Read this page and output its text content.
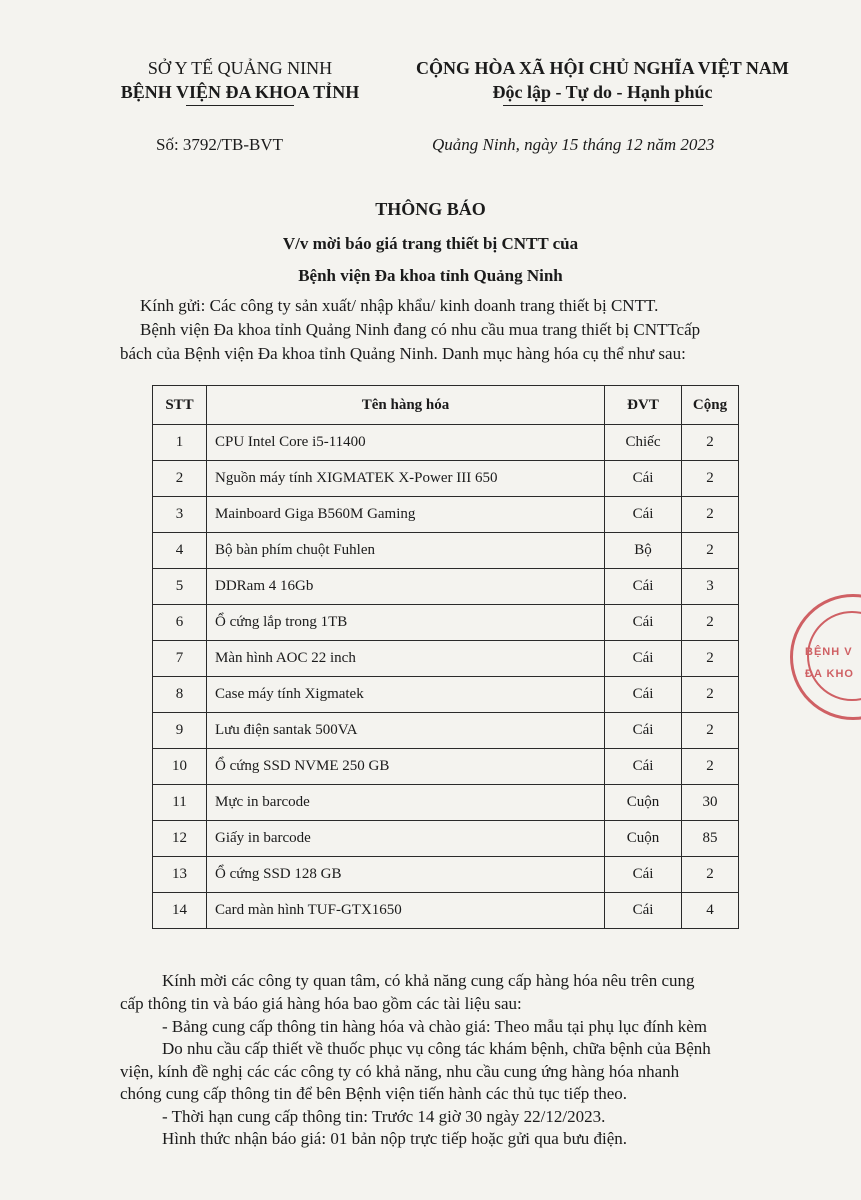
SỞ Y TẾ QUẢNG NINH
BỆNH VIỆN ĐA KHOA TỈNH
CỘNG HÒA XÃ HỘI CHỦ NGHĨA VIỆT NAM
Độc lập - Tự do - Hạnh phúc
Số: 3792/TB-BVT	Quảng Ninh, ngày 15 tháng 12 năm 2023
THÔNG BÁO
V/v mời báo giá trang thiết bị CNTT của
Bệnh viện Đa khoa tỉnh Quảng Ninh
Kính gửi: Các công ty sản xuất/ nhập khẩu/ kinh doanh trang thiết bị CNTT.
Bệnh viện Đa khoa tỉnh Quảng Ninh đang có nhu cầu mua trang thiết bị CNTTcấp
bách của Bệnh viện Đa khoa tỉnh Quảng Ninh. Danh mục hàng hóa cụ thể như sau:
STT	Tên hàng hóa	ĐVT	Cộng
1	CPU Intel Core i5-11400	Chiếc	2
2	Nguồn máy tính XIGMATEK X-Power III 650	Cái	2
3	Mainboard Giga B560M Gaming	Cái	2
4	Bộ bàn phím chuột Fuhlen	Bộ	2
5	DDRam 4 16Gb	Cái	3
6	Ổ cứng lắp trong 1TB	Cái	2
7	Màn hình AOC 22 inch	Cái	2
8	Case máy tính Xigmatek	Cái	2
9	Lưu điện santak 500VA	Cái	2
10	Ổ cứng SSD NVME 250 GB	Cái	2
11	Mực in barcode	Cuộn	30
12	Giấy in barcode	Cuộn	85
13	Ổ cứng SSD 128 GB	Cái	2
14	Card màn hình TUF-GTX1650	Cái	4
Kính mời các công ty quan tâm, có khả năng cung cấp hàng hóa nêu trên cung
cấp thông tin và báo giá hàng hóa bao gồm các tài liệu sau:
- Bảng cung cấp thông tin hàng hóa và chào giá: Theo mẫu tại phụ lục đính kèm
Do nhu cầu cấp thiết về thuốc phục vụ công tác khám bệnh, chữa bệnh của Bệnh
viện, kính đề nghị các các công ty có khả năng, nhu cầu cung ứng hàng hóa nhanh
chóng cung cấp thông tin để bên Bệnh viện tiến hành các thủ tục tiếp theo.
- Thời hạn cung cấp thông tin: Trước 14 giờ 30 ngày 22/12/2023.
Hình thức nhận báo giá: 01 bản nộp trực tiếp hoặc gửi qua bưu điện.
BỆNH V
ĐA KHO
